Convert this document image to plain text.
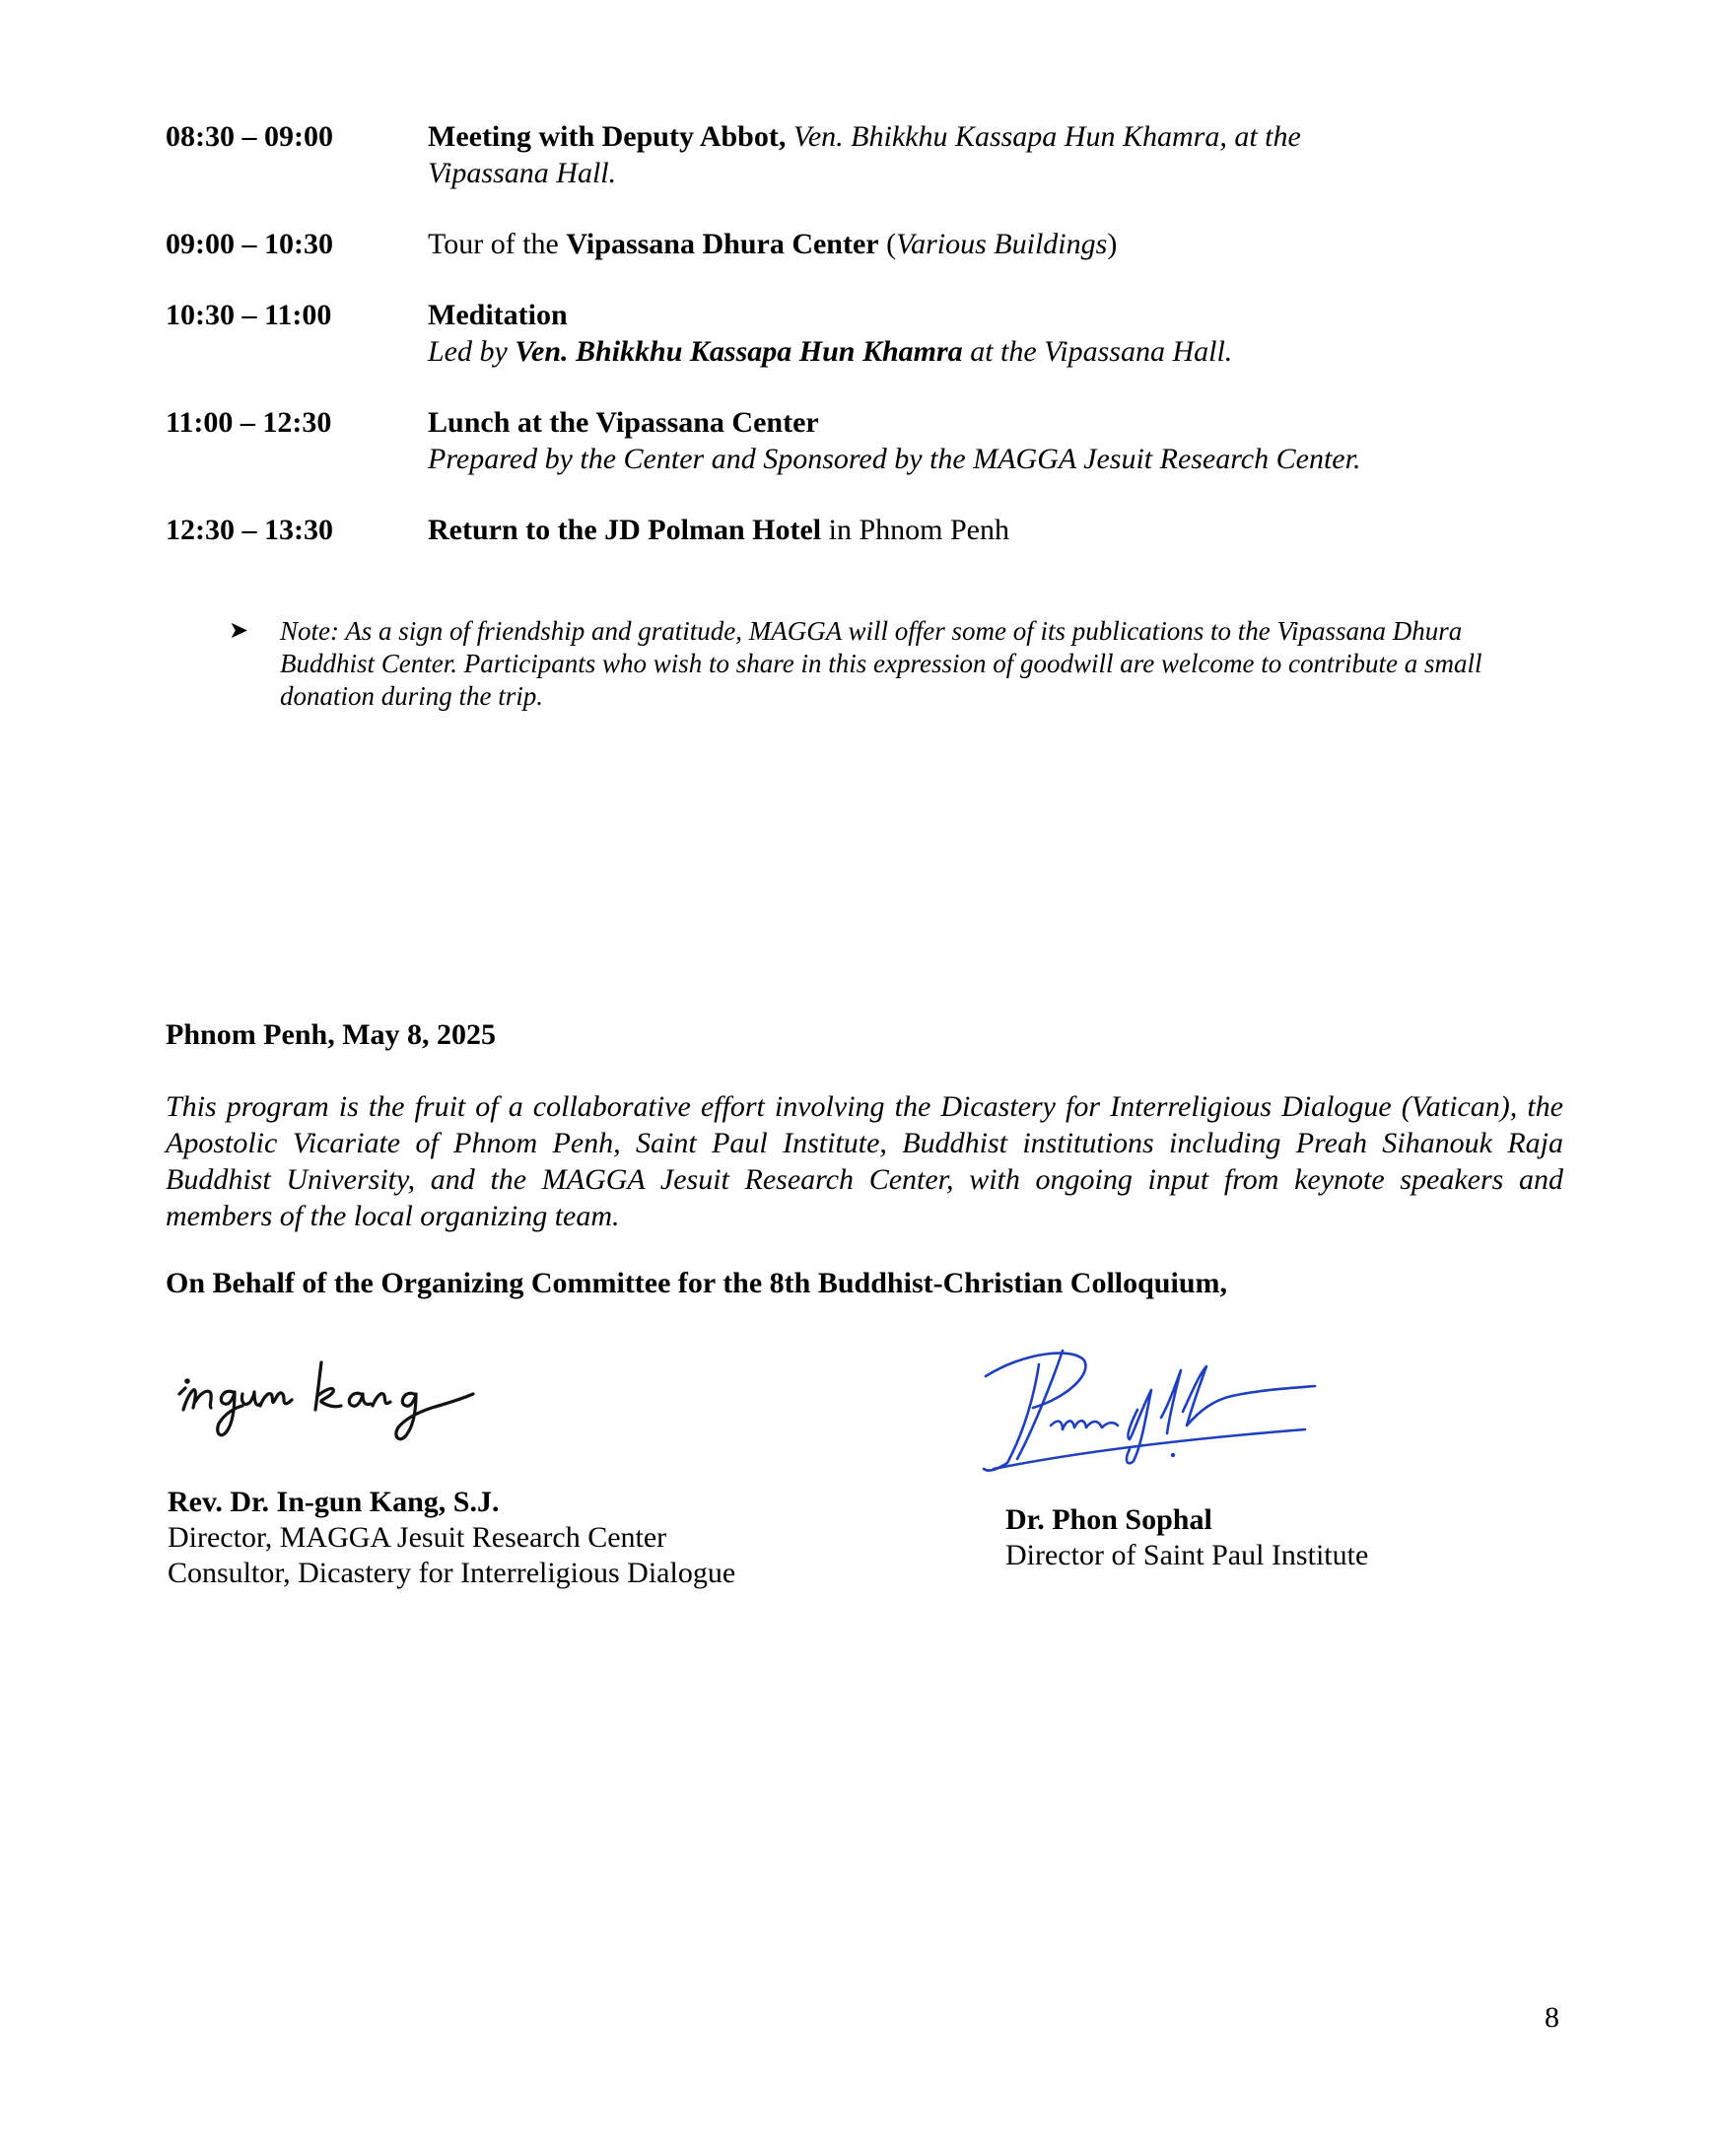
08:30 – 09:00	Meeting with Deputy Abbot, Ven. Bhikkhu Kassapa Hun Khamra, at the
Vipassana Hall.
09:00 – 10:30	Tour of the Vipassana Dhura Center (Various Buildings)
10:30 – 11:00	Meditation
Led by Ven. Bhikkhu Kassapa Hun Khamra at the Vipassana Hall.
11:00 – 12:30	Lunch at the Vipassana Center
Prepared by the Center and Sponsored by the MAGGA Jesuit Research Center.
12:30 – 13:30	Return to the JD Polman Hotel in Phnom Penh
➤ Note: As a sign of friendship and gratitude, MAGGA will offer some of its publications to the Vipassana Dhura Buddhist Center. Participants who wish to share in this expression of goodwill are welcome to contribute a small donation during the trip.
Phnom Penh, May 8, 2025
This program is the fruit of a collaborative effort involving the Dicastery for Interreligious Dialogue (Vatican), the Apostolic Vicariate of Phnom Penh, Saint Paul Institute, Buddhist institutions including Preah Sihanouk Raja Buddhist University, and the MAGGA Jesuit Research Center, with ongoing input from keynote speakers and members of the local organizing team.
On Behalf of the Organizing Committee for the 8th Buddhist-Christian Colloquium,
Rev. Dr. In-gun Kang, S.J.
Director, MAGGA Jesuit Research Center
Consultor, Dicastery for Interreligious Dialogue
Dr. Phon Sophal
Director of Saint Paul Institute
8
